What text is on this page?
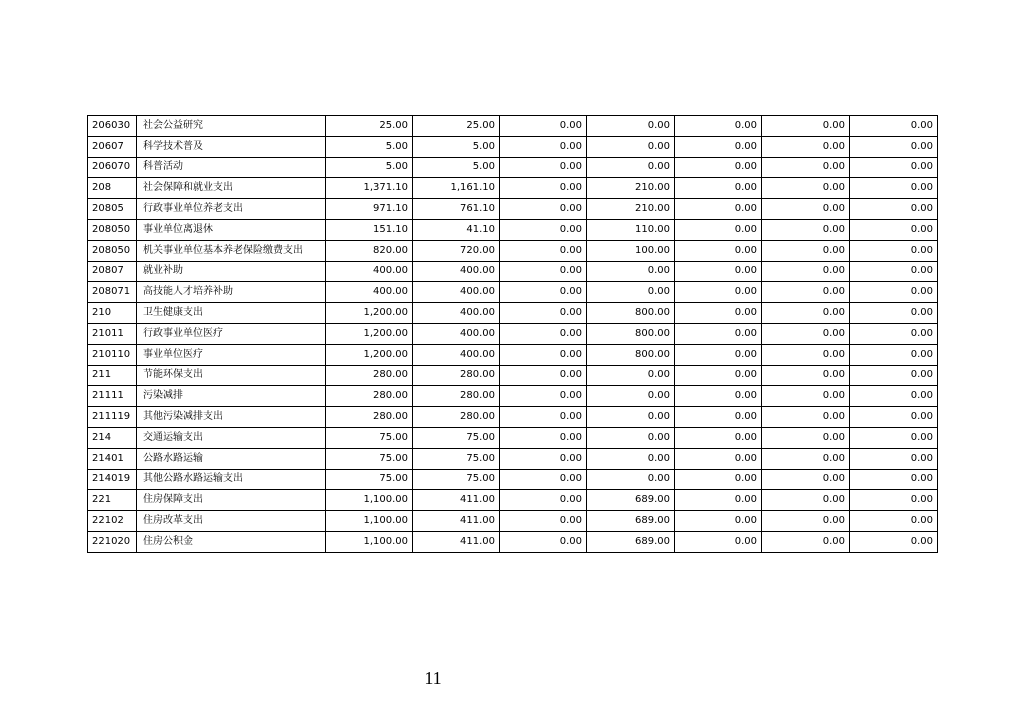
206030	社会公益研究	25.00	25.00	0.00	0.00	0.00	0.00	0.00
20607	科学技术普及	5.00	5.00	0.00	0.00	0.00	0.00	0.00
206070	科普活动	5.00	5.00	0.00	0.00	0.00	0.00	0.00
208	社会保障和就业支出	1,371.10	1,161.10	0.00	210.00	0.00	0.00	0.00
20805	行政事业单位养老支出	971.10	761.10	0.00	210.00	0.00	0.00	0.00
208050	事业单位离退休	151.10	41.10	0.00	110.00	0.00	0.00	0.00
208050	机关事业单位基本养老保险缴费支出	820.00	720.00	0.00	100.00	0.00	0.00	0.00
20807	就业补助	400.00	400.00	0.00	0.00	0.00	0.00	0.00
208071	高技能人才培养补助	400.00	400.00	0.00	0.00	0.00	0.00	0.00
210	卫生健康支出	1,200.00	400.00	0.00	800.00	0.00	0.00	0.00
21011	行政事业单位医疗	1,200.00	400.00	0.00	800.00	0.00	0.00	0.00
210110	事业单位医疗	1,200.00	400.00	0.00	800.00	0.00	0.00	0.00
211	节能环保支出	280.00	280.00	0.00	0.00	0.00	0.00	0.00
21111	污染减排	280.00	280.00	0.00	0.00	0.00	0.00	0.00
211119	其他污染减排支出	280.00	280.00	0.00	0.00	0.00	0.00	0.00
214	交通运输支出	75.00	75.00	0.00	0.00	0.00	0.00	0.00
21401	公路水路运输	75.00	75.00	0.00	0.00	0.00	0.00	0.00
214019	其他公路水路运输支出	75.00	75.00	0.00	0.00	0.00	0.00	0.00
221	住房保障支出	1,100.00	411.00	0.00	689.00	0.00	0.00	0.00
22102	住房改革支出	1,100.00	411.00	0.00	689.00	0.00	0.00	0.00
221020	住房公积金	1,100.00	411.00	0.00	689.00	0.00	0.00	0.00
11
